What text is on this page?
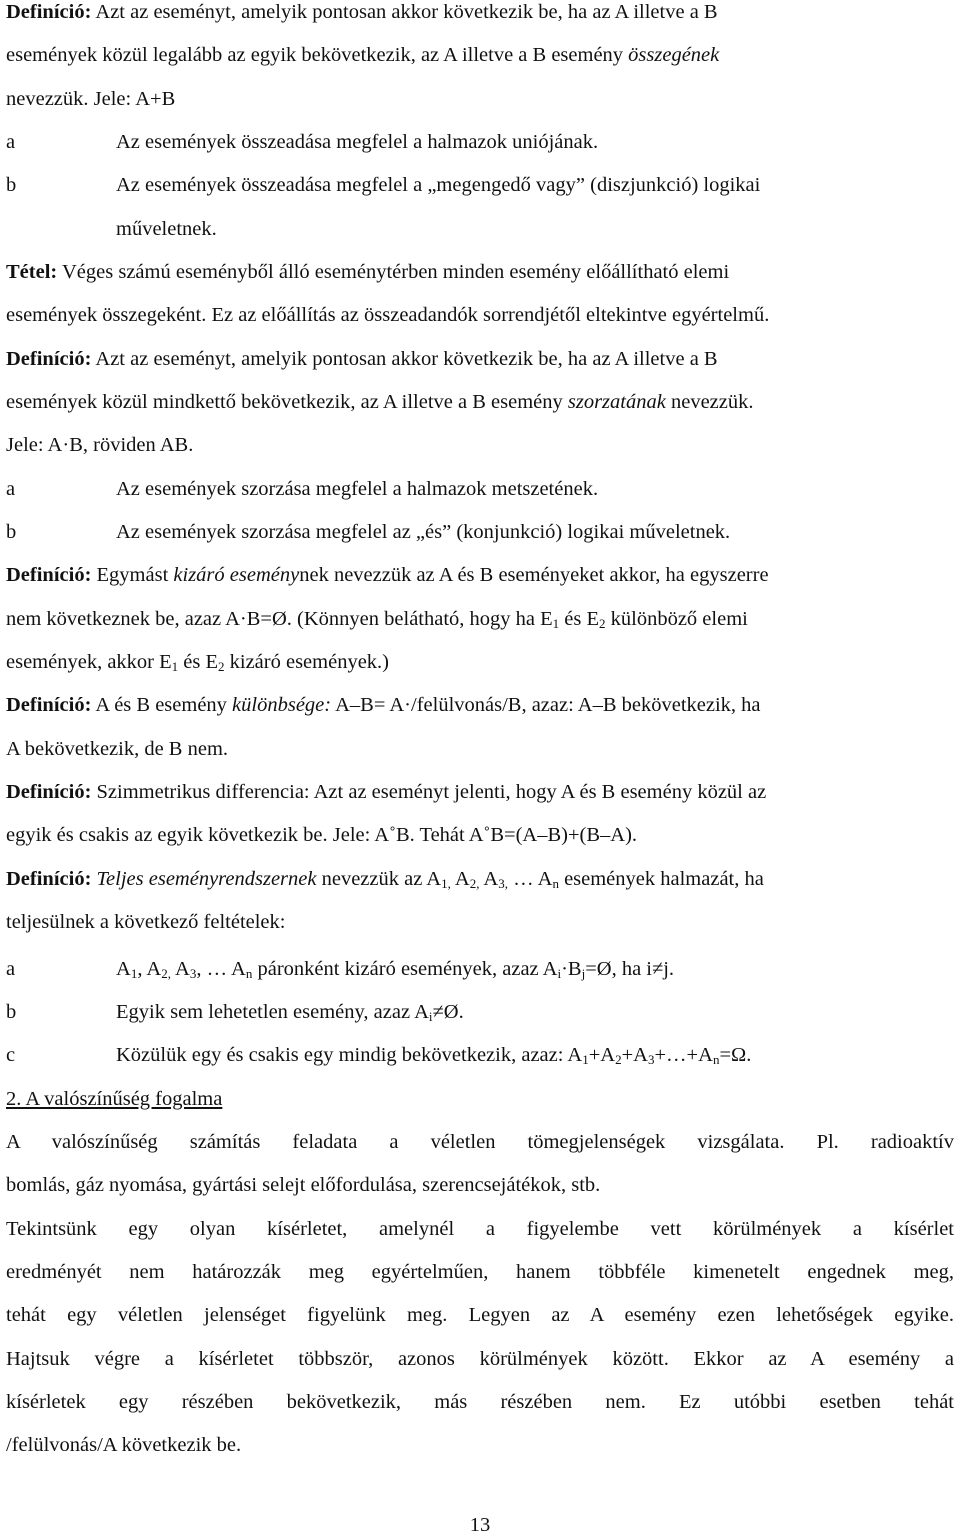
Definíció: Azt az eseményt, amelyik pontosan akkor következik be, ha az A illetve a B
események közül legalább az egyik bekövetkezik, az A illetve a B esemény összegének
nevezzük. Jele: A+B
a	Az események összeadása megfelel a halmazok uniójának.
b	Az események összeadása megfelel a „megengedő vagy” (diszjunkció) logikai
műveletnek.
Tétel: Véges számú eseményből álló eseménytérben minden esemény előállítható elemi
események összegeként. Ez az előállítás az összeadandók sorrendjétől eltekintve egyértelmű.
Definíció: Azt az eseményt, amelyik pontosan akkor következik be, ha az A illetve a B
események közül mindkettő bekövetkezik, az A illetve a B esemény szorzatának nevezzük.
Jele: A·B, röviden AB.
a	Az események szorzása megfelel a halmazok metszetének.
b	Az események szorzása megfelel az „és” (konjunkció) logikai műveletnek.
Definíció: Egymást kizáró eseménynek nevezzük az A és B eseményeket akkor, ha egyszerre
nem következnek be, azaz A·B=Ø. (Könnyen belátható, hogy ha $E_1$ és $E_2$ különböző elemi
események, akkor $E_1$ és $E_2$ kizáró események.)
Definíció: A és B esemény különbsége: A–B= A·/felülvonás/B, azaz: A–B bekövetkezik, ha
A bekövetkezik, de B nem.
Definíció: Szimmetrikus differencia: Azt az eseményt jelenti, hogy A és B esemény közül az
egyik és csakis az egyik következik be. Jele: A˚B. Tehát A˚B=(A–B)+(B–A).
Definíció: Teljes eseményrendszernek nevezzük az $A_{1,}$ $A_{2,}$ $A_{3,}$ … $A_n$ események halmazát, ha
teljesülnek a következő feltételek:
a	$A_1$, $A_{2,}$ $A_3$, … $A_n$ páronként kizáró események, azaz $A_i\cdot B_j=Ø$, ha i≠j.
b	Egyik sem lehetetlen esemény, azaz $A_i\ne Ø$.
c	Közülük egy és csakis egy mindig bekövetkezik, azaz: $A_1+A_2+A_3+\dots+A_n=\Omega$.
2. A valószínűség fogalma
A valószínűség számítás feladata a véletlen tömegjelenségek vizsgálata. Pl. radioaktív
bomlás, gáz nyomása, gyártási selejt előfordulása, szerencsejátékok, stb.
Tekintsünk egy olyan kísérletet, amelynél a figyelembe vett körülmények a kísérlet
eredményét nem határozzák meg egyértelműen, hanem többféle kimenetelt engednek meg,
tehát egy véletlen jelenséget figyelünk meg. Legyen az A esemény ezen lehetőségek egyike.
Hajtsuk végre a kísérletet többször, azonos körülmények között. Ekkor az A esemény a
kísérletek egy részében bekövetkezik, más részében nem. Ez utóbbi esetben tehát
/felülvonás/A következik be.
13
